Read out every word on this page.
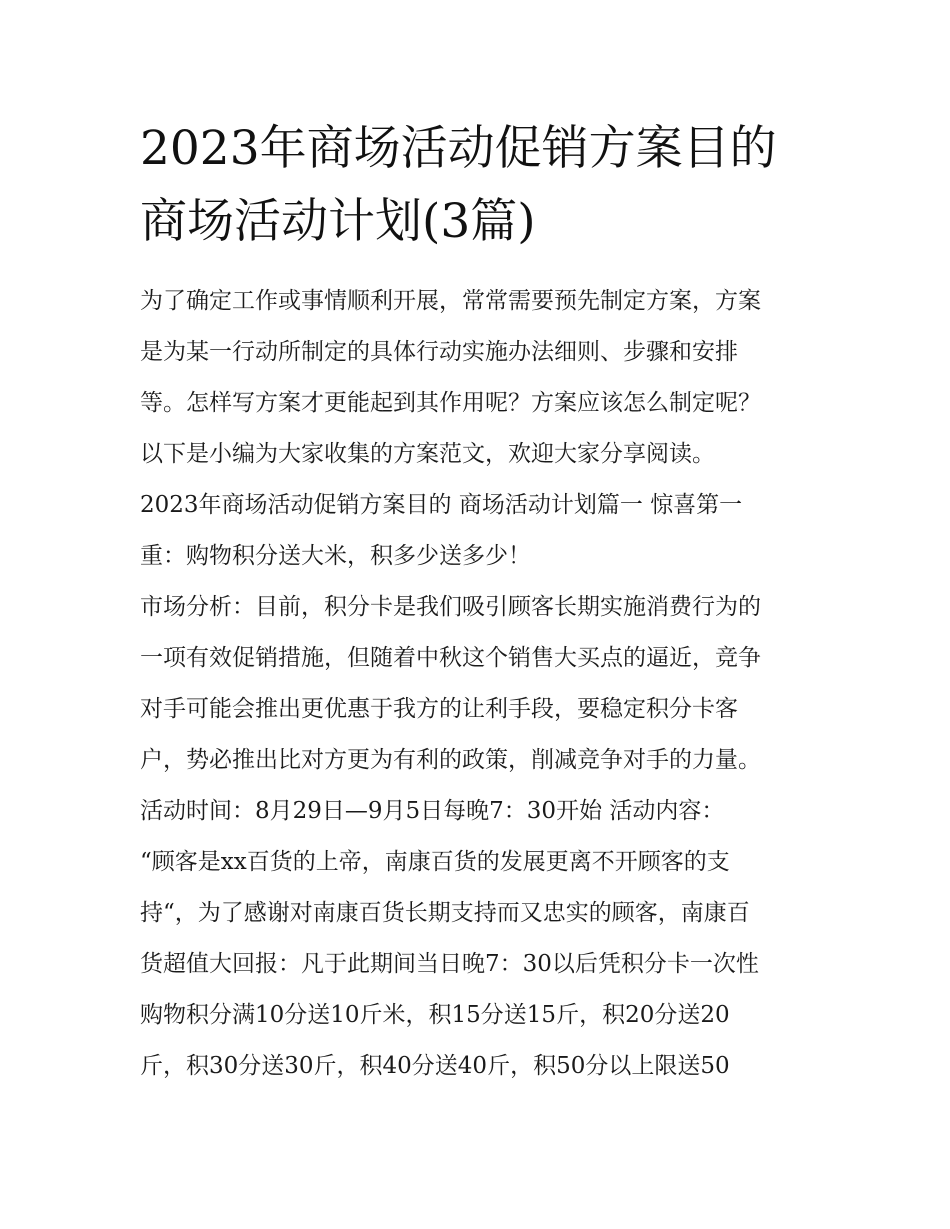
2023年商场活动促销方案目的
商场活动计划(3篇)
为了确定工作或事情顺利开展，常常需要预先制定方案，方案
是为某一行动所制定的具体行动实施办法细则、步骤和安排
等。怎样写方案才更能起到其作用呢？方案应该怎么制定呢？
以下是小编为大家收集的方案范文，欢迎大家分享阅读。
2023年商场活动促销方案目的 商场活动计划篇一 惊喜第一
重：购物积分送大米，积多少送多少！
市场分析：目前，积分卡是我们吸引顾客长期实施消费行为的
一项有效促销措施，但随着中秋这个销售大买点的逼近，竞争
对手可能会推出更优惠于我方的让利手段，要稳定积分卡客
户，势必推出比对方更为有利的政策，削减竞争对手的力量。
活动时间：8月29日—9月5日每晚7：30开始 活动内容：
“顾客是xx百货的上帝，南康百货的发展更离不开顾客的支
持“，为了感谢对南康百货长期支持而又忠实的顾客，南康百
货超值大回报：凡于此期间当日晚7：30以后凭积分卡一次性
购物积分满10分送10斤米，积15分送15斤，积20分送20
斤，积30分送30斤，积40分送40斤，积50分以上限送50
